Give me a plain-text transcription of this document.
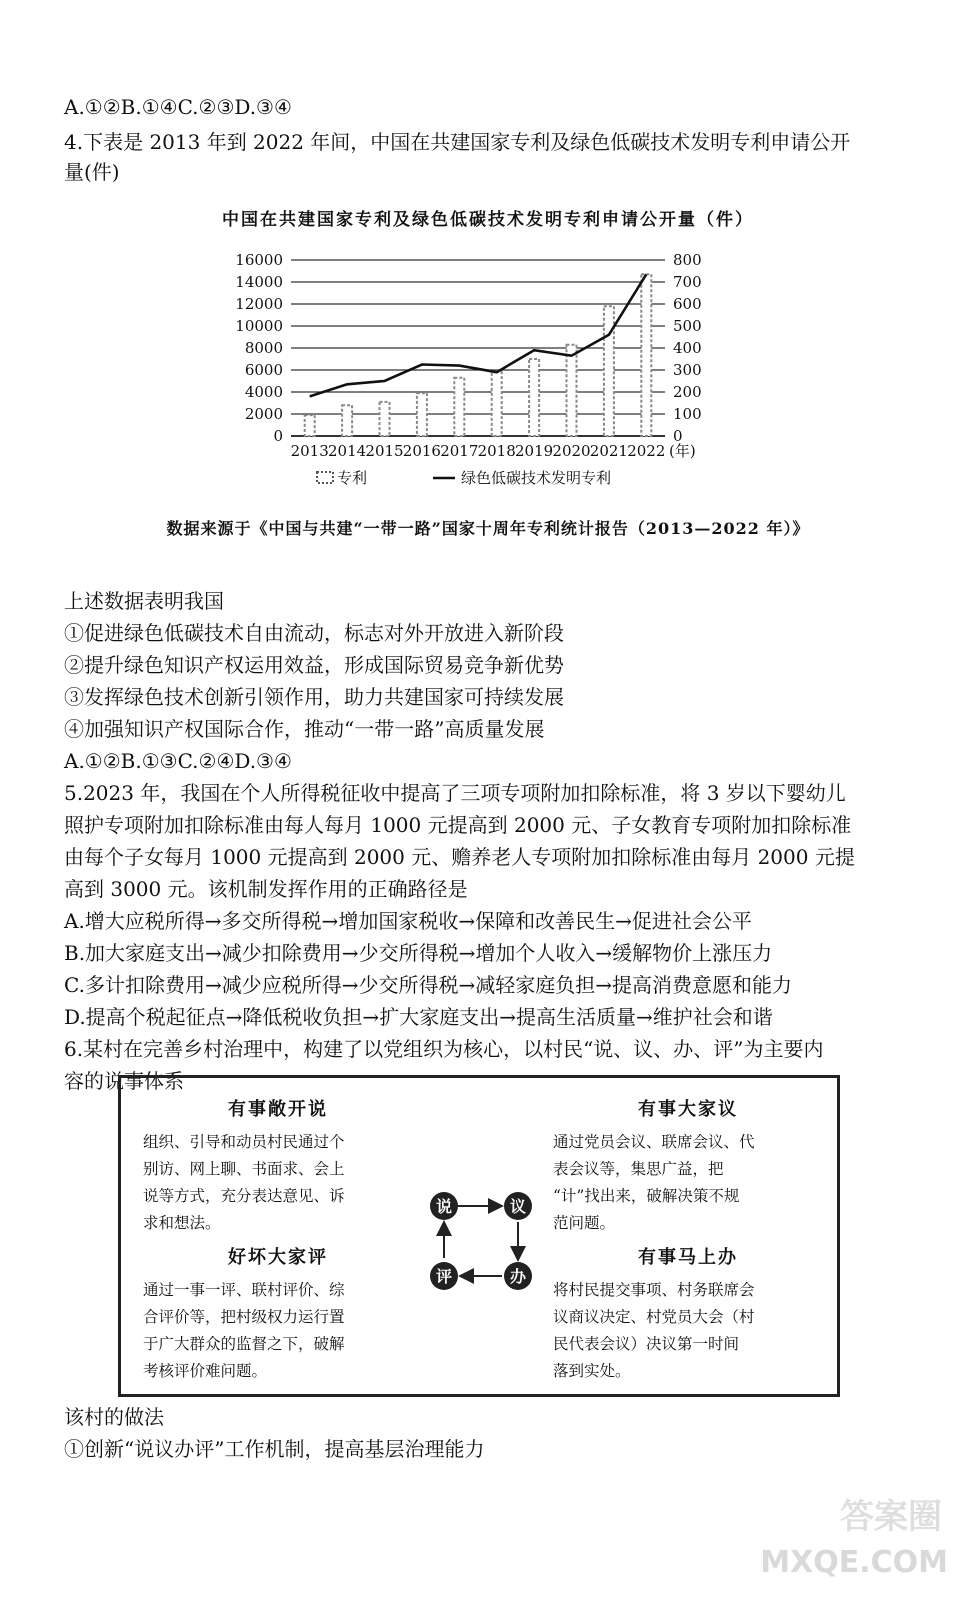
A.①②B.①④C.②③D.③④
4.下表是 2013 年到 2022 年间，中国在共建国家专利及绿色低碳技术发明专利申请公开
量(件)
中国在共建国家专利及绿色低碳技术发明专利申请公开量（件）
0	0
2000	100
4000	200
6000	300
8000	400
10000	500
12000	600
14000	700
16000	800
2013 2014 2015 2016 2017 2018 2019 2020 2021 2022 (年)
专利	绿色低碳技术发明专利
数据来源于《中国与共建“一带一路”国家十周年专利统计报告（2013—2022 年）》
上述数据表明我国
①促进绿色低碳技术自由流动，标志对外开放进入新阶段
②提升绿色知识产权运用效益，形成国际贸易竞争新优势
③发挥绿色技术创新引领作用，助力共建国家可持续发展
④加强知识产权国际合作，推动“一带一路”高质量发展
A.①②B.①③C.②④D.③④
5.2023 年，我国在个人所得税征收中提高了三项专项附加扣除标准，将 3 岁以下婴幼儿
照护专项附加扣除标准由每人每月 1000 元提高到 2000 元、子女教育专项附加扣除标准
由每个子女每月 1000 元提高到 2000 元、赡养老人专项附加扣除标准由每月 2000 元提
高到 3000 元。该机制发挥作用的正确路径是
A.增大应税所得→多交所得税→增加国家税收→保障和改善民生→促进社会公平
B.加大家庭支出→减少扣除费用→少交所得税→增加个人收入→缓解物价上涨压力
C.多计扣除费用→减少应税所得→少交所得税→减轻家庭负担→提高消费意愿和能力
D.提高个税起征点→降低税收负担→扩大家庭支出→提高生活质量→维护社会和谐
6.某村在完善乡村治理中，构建了以党组织为核心，以村民“说、议、办、评”为主要内
容的说事体系
有事敞开说

组织、引导和动员村民通过个

别访、网上聊、书面求、会上

说等方式，充分表达意见、诉

求和想法。

有事大家议

通过党员会议、联席会议、代

表会议等，集思广益，把

“计”找出来，破解决策不规

范问题。

好坏大家评

通过一事一评、联村评价、综

合评价等，把村级权力运行置

于广大群众的监督之下，破解

考核评价难问题。

有事马上办

将村民提交事项、村务联席会

议商议决定、村党员大会（村

民代表会议）决议第一时间

落到实处。

说	议
办
评
该村的做法
①创新“说议办评”工作机制，提高基层治理能力
答案圈
MXQE.COM
